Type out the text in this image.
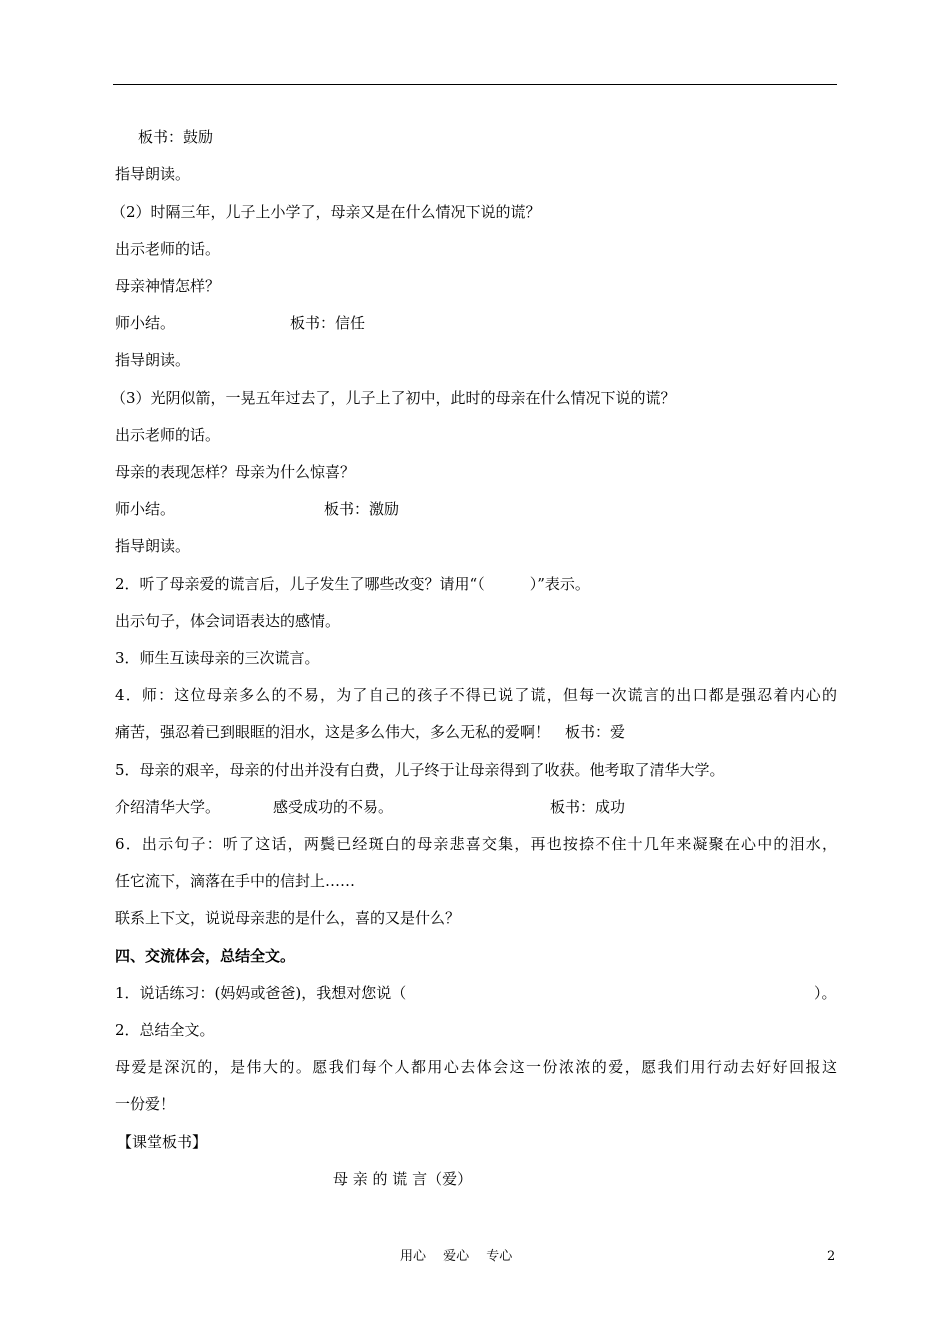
板书：鼓励
指导朗读。
（2）时隔三年，儿子上小学了，母亲又是在什么情况下说的谎？
出示老师的话。
母亲神情怎样？
师小结。	板书：信任
指导朗读。
（3）光阴似箭，一晃五年过去了，儿子上了初中，此时的母亲在什么情况下说的谎？
出示老师的话。
母亲的表现怎样？母亲为什么惊喜？
师小结。	板书：激励
指导朗读。
2．听了母亲爱的谎言后，儿子发生了哪些改变？请用“（　　　）”表示。
出示句子，体会词语表达的感情。
3．师生互读母亲的三次谎言。
4．师：这位母亲多么的不易，为了自己的孩子不得已说了谎，但每一次谎言的出口都是强忍着内心的
痛苦，强忍着已到眼眶的泪水，这是多么伟大，多么无私的爱啊！　板书：爱
5．母亲的艰辛，母亲的付出并没有白费，儿子终于让母亲得到了收获。他考取了清华大学。
介绍清华大学。	感受成功的不易。	板书：成功
6．出示句子：听了这话，两鬓已经斑白的母亲悲喜交集，再也按捺不住十几年来凝聚在心中的泪水，
任它流下，滴落在手中的信封上……
联系上下文，说说母亲悲的是什么，喜的又是什么？
四、交流体会，总结全文。
1．说话练习：(妈妈或爸爸)，我想对您说（	）。
2．总结全文。
母爱是深沉的，是伟大的。愿我们每个人都用心去体会这一份浓浓的爱，愿我们用行动去好好回报这
一份爱！
【课堂板书】
母 亲 的 谎 言（爱）
用心　 爱心　 专心	2
